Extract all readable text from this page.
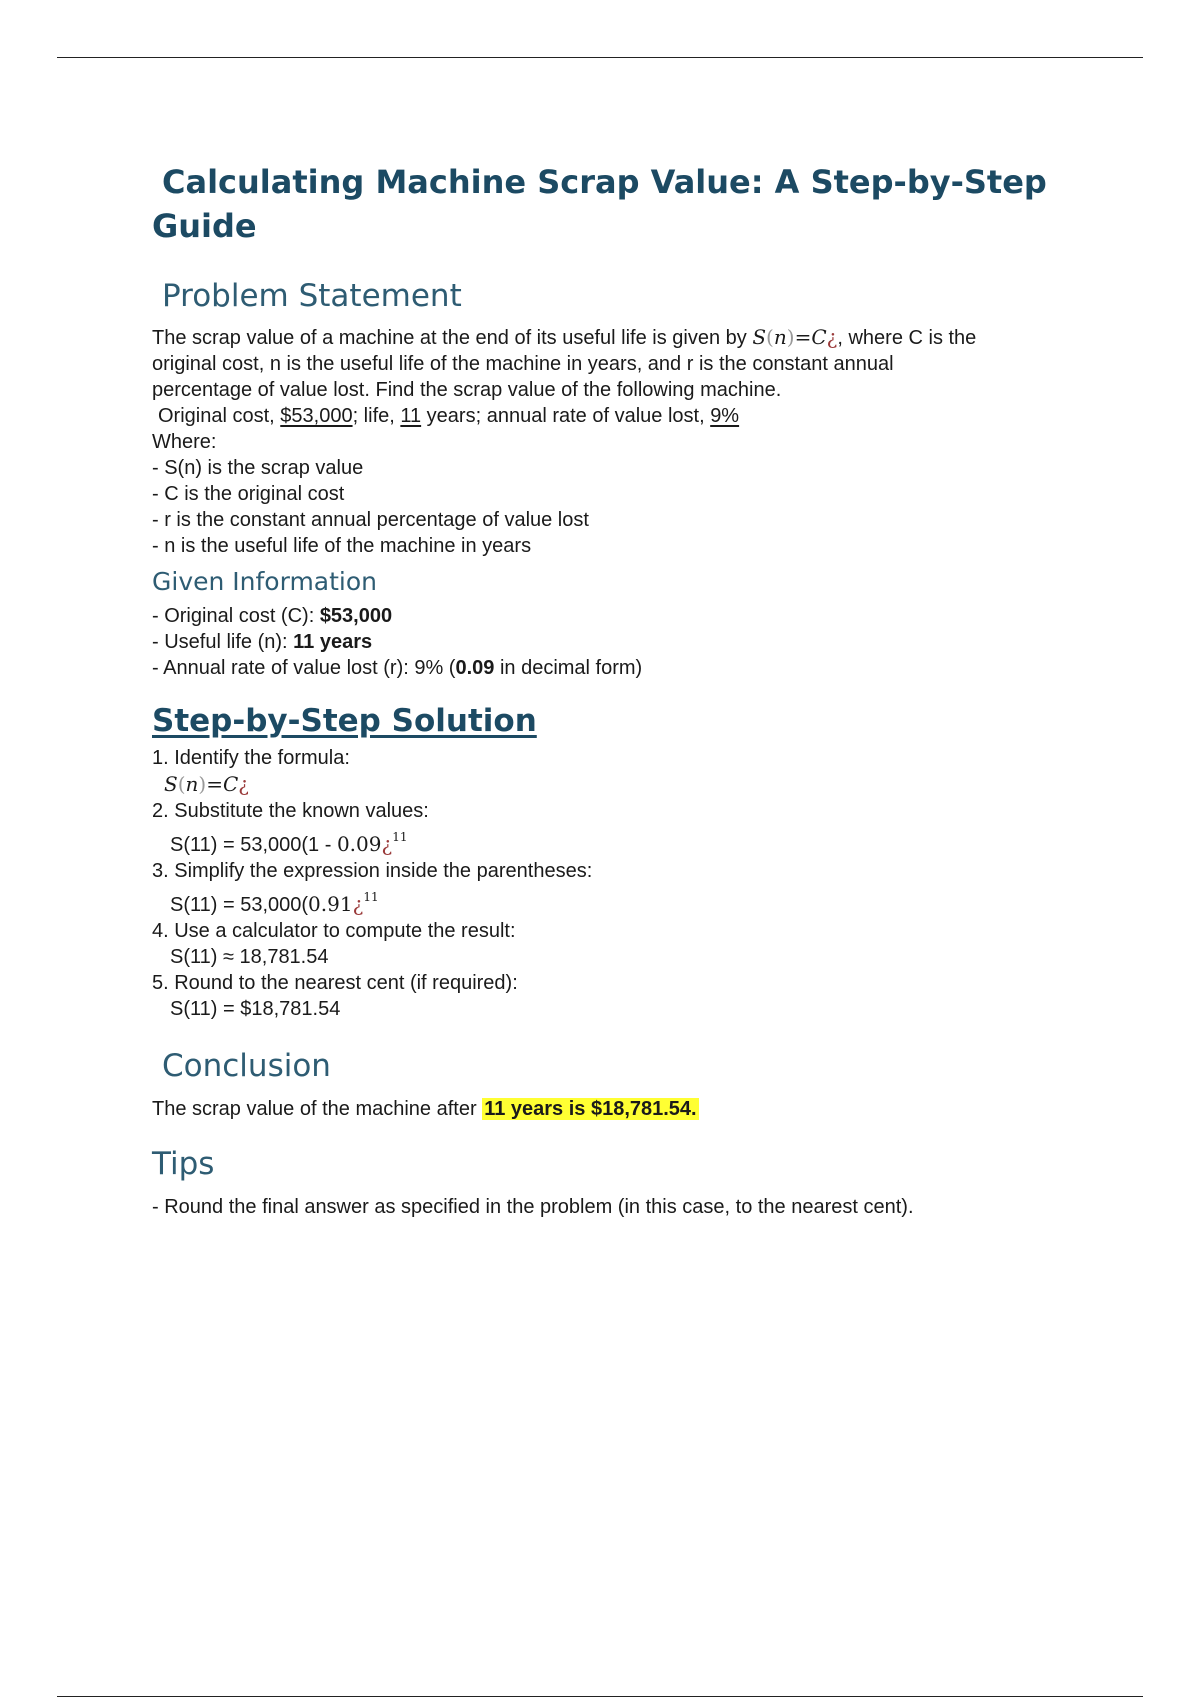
Calculating Machine Scrap Value: A Step-by-Step
Guide
Problem Statement

The scrap value of a machine at the end of its useful life is given by S(n)=C¿, where C is the

original cost, n is the useful life of the machine in years, and r is the constant annual

percentage of value lost. Find the scrap value of the following machine.

Original cost, $53,000; life, 11 years; annual rate of value lost, 9%

Where:

- S(n) is the scrap value

- C is the original cost

- r is the constant annual percentage of value lost

- n is the useful life of the machine in years

Given Information

- Original cost (C): $53,000

- Useful life (n): 11 years

- Annual rate of value lost (r): 9% (0.09 in decimal form)

Step-by-Step Solution

1. Identify the formula:

S(n)=C¿

2. Substitute the known values:

S(11) = 53,000(1 - 0.09¿$^{11}$

3. Simplify the expression inside the parentheses:

S(11) = 53,000(0.91¿$^{11}$

4. Use a calculator to compute the result:

S(11) ≈ 18,781.54

5. Round to the nearest cent (if required):

S(11) = $18,781.54

Conclusion

The scrap value of the machine after 11 years is $18,781.54.

Tips

- Round the final answer as specified in the problem (in this case, to the nearest cent).
